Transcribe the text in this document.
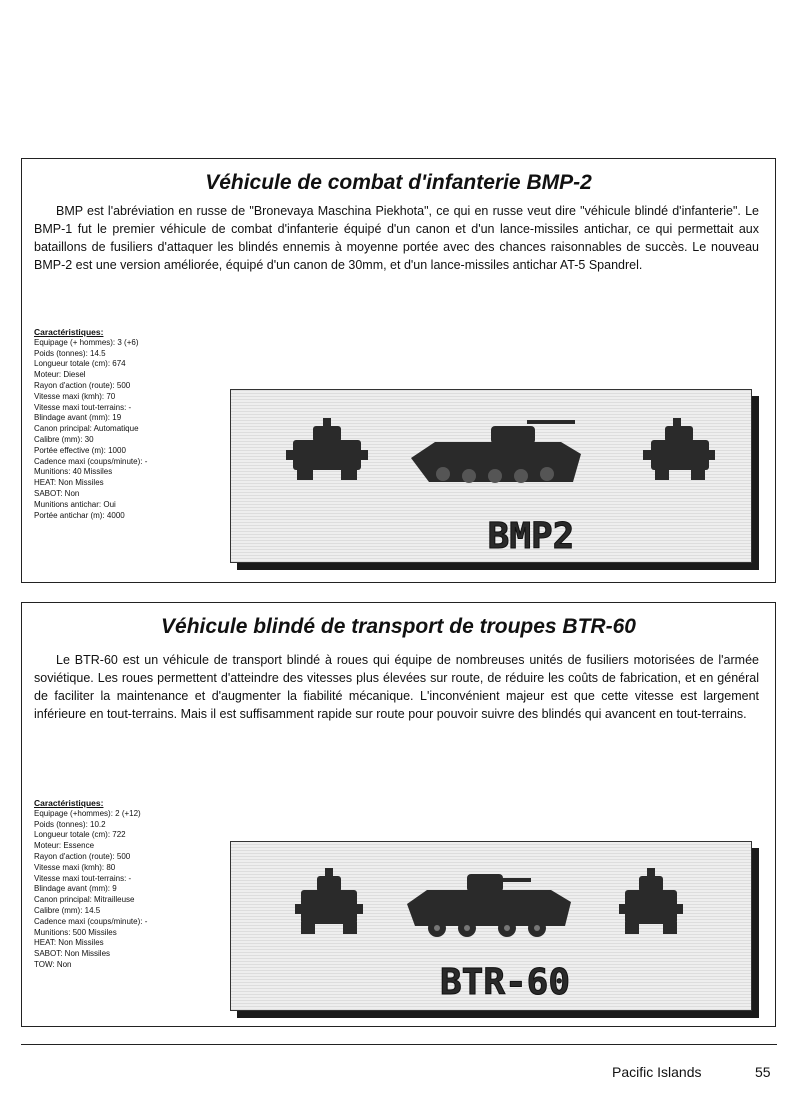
Véhicule de combat d'infanterie BMP-2

BMP est l'abréviation en russe de "Bronevaya Maschina Piekhota", ce qui en russe veut dire "véhicule blindé d'infanterie". Le BMP-1 fut le premier véhicule de combat d'infanterie équipé d'un canon et d'un lance-missiles antichar, ce qui permettait aux bataillons de fusiliers d'attaquer les blindés ennemis à moyenne portée avec des chances raisonnables de succès. Le nouveau BMP-2 est une version améliorée, équipé d'un canon de 30mm, et d'un lance-missiles antichar AT-5 Spandrel.

Caractéristiques:

Equipage (+ hommes): 3 (+6)
Poids (tonnes): 14.5
Longueur totale (cm): 674
Moteur: Diesel
Rayon d'action (route): 500
Vitesse maxi (kmh): 70
Vitesse maxi tout-terrains: -
Blindage avant (mm): 19
Canon principal: Automatique
Calibre (mm): 30
Portée effective (m): 1000
Cadence maxi (coups/minute): -
Munitions: 40 Missiles
HEAT: Non Missiles
SABOT: Non
Munitions antichar: Oui
Portée antichar (m): 4000
BMP2
Véhicule blindé de transport de troupes BTR-60

Le BTR-60 est un véhicule de transport blindé à roues qui équipe de nombreuses unités de fusiliers motorisées de l'armée soviétique. Les roues permettent d'atteindre des vitesses plus élevées sur route, de réduire les coûts de fabrication, et en général de faciliter la maintenance et d'augmenter la fiabilité mécanique. L'inconvénient majeur est que cette vitesse est largement inférieure en tout-terrains. Mais il est suffisamment rapide sur route pour pouvoir suivre des blindés qui avancent en tout-terrains.

Caractéristiques:

Equipage (+hommes): 2 (+12)
Poids (tonnes): 10.2
Longueur totale (cm): 722
Moteur: Essence
Rayon d'action (route): 500
Vitesse maxi (kmh): 80
Vitesse maxi tout-terrains: -
Blindage avant (mm): 9
Canon principal: Mitrailleuse
Calibre (mm): 14.5
Cadence maxi (coups/minute): -
Munitions: 500 Missiles
HEAT: Non Missiles
SABOT: Non Missiles
TOW: Non	BTR-60
Pacific Islands	55
